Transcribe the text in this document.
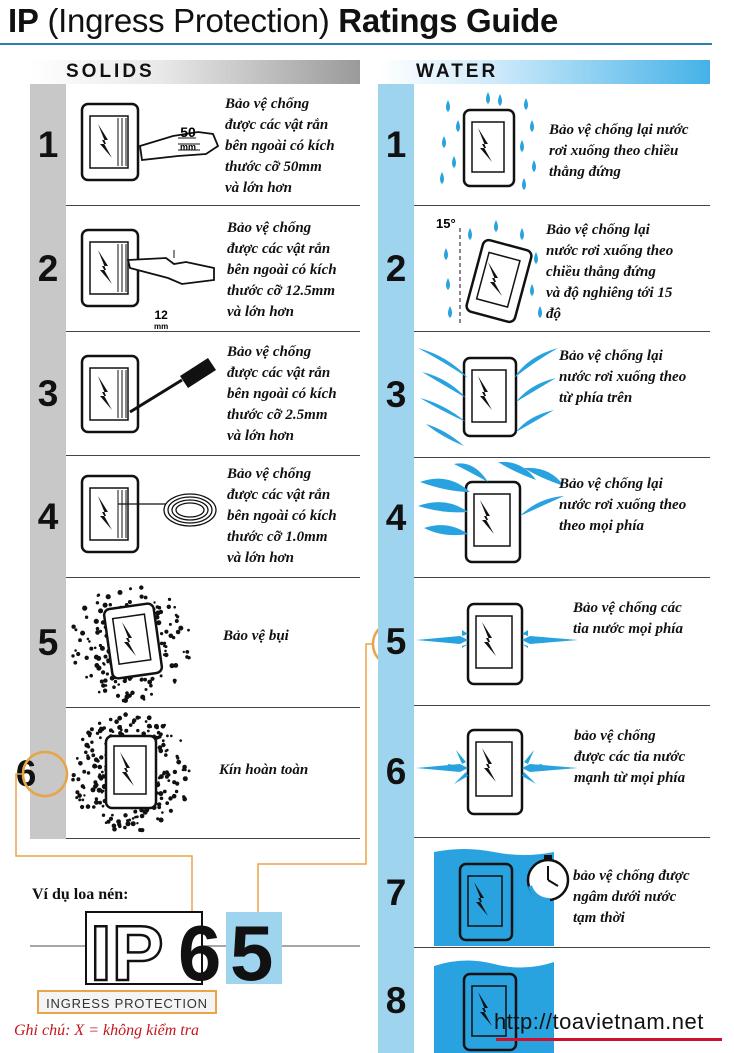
IP (Ingress Protection) Ratings Guide
SOLIDS	WATER
1	50
mm
Bảo vệ chống
được các vật rắn
bên ngoài có kích
thước cỡ 50mm
và lớn hơn
2
12
mm
Bảo vệ chống
được các vật rắn
bên ngoài có kích
thước cỡ 12.5mm
và lớn hơn
3
Bảo vệ chống
được các vật rắn
bên ngoài có kích
thước cỡ 2.5mm
và lớn hơn
4
Bảo vệ chống
được các vật rắn
bên ngoài có kích
thước cỡ 1.0mm
và lớn hơn
5	Bảo vệ bụi
6	Kín hoàn toàn
1	Bảo vệ chống lại nước
rơi xuống theo chiều
thẳng đứng
2
15°	Bảo vệ chống lại
nước rơi xuống theo
chiều thẳng đứng
và độ nghiêng tới 15
độ
3
Bảo vệ chống lại
nước rơi xuống theo
từ phía trên
4
Bảo vệ chống lại
nước rơi xuống theo
theo mọi phía
5
Bảo vệ chống các
tia nước mọi phía
6
bảo vệ chống
được các tia nước
mạnh từ mọi phía
7	bảo vệ chống được
ngâm dưới nước
tạm thời
8
Ví dụ loa nén:
IP 6 5
INGRESS PROTECTION
Ghi chú: X = không kiểm tra	http://toavietnam.net
